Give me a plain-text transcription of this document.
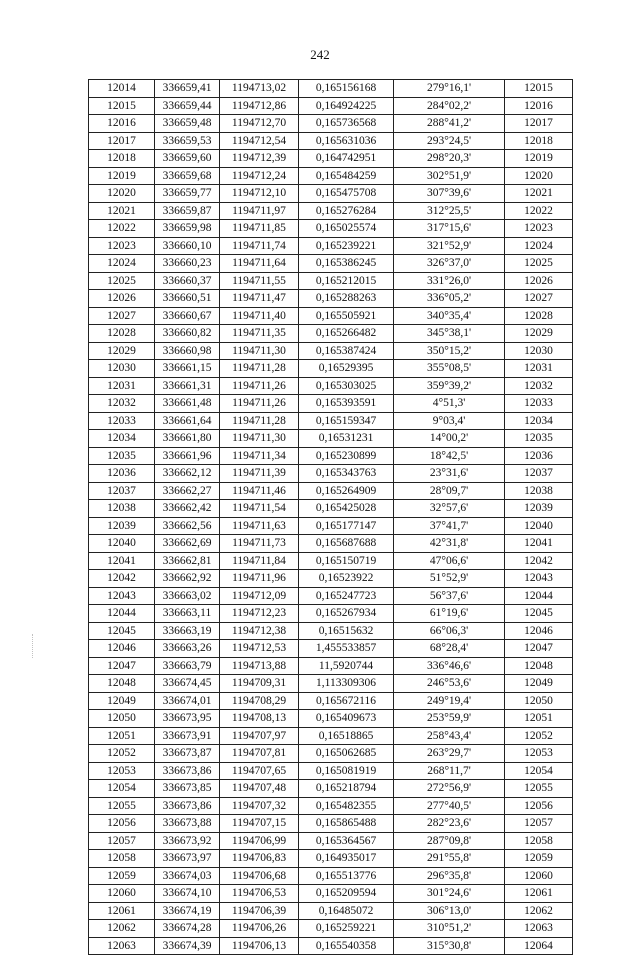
242
12014	336659,41	1194713,02	0,165156168	279°16,1'	12015
12015	336659,44	1194712,86	0,164924225	284°02,2'	12016
12016	336659,48	1194712,70	0,165736568	288°41,2'	12017
12017	336659,53	1194712,54	0,165631036	293°24,5'	12018
12018	336659,60	1194712,39	0,164742951	298°20,3'	12019
12019	336659,68	1194712,24	0,165484259	302°51,9'	12020
12020	336659,77	1194712,10	0,165475708	307°39,6'	12021
12021	336659,87	1194711,97	0,165276284	312°25,5'	12022
12022	336659,98	1194711,85	0,165025574	317°15,6'	12023
12023	336660,10	1194711,74	0,165239221	321°52,9'	12024
12024	336660,23	1194711,64	0,165386245	326°37,0'	12025
12025	336660,37	1194711,55	0,165212015	331°26,0'	12026
12026	336660,51	1194711,47	0,165288263	336°05,2'	12027
12027	336660,67	1194711,40	0,165505921	340°35,4'	12028
12028	336660,82	1194711,35	0,165266482	345°38,1'	12029
12029	336660,98	1194711,30	0,165387424	350°15,2'	12030
12030	336661,15	1194711,28	0,16529395	355°08,5'	12031
12031	336661,31	1194711,26	0,165303025	359°39,2'	12032
12032	336661,48	1194711,26	0,165393591	4°51,3'	12033
12033	336661,64	1194711,28	0,165159347	9°03,4'	12034
12034	336661,80	1194711,30	0,16531231	14°00,2'	12035
12035	336661,96	1194711,34	0,165230899	18°42,5'	12036
12036	336662,12	1194711,39	0,165343763	23°31,6'	12037
12037	336662,27	1194711,46	0,165264909	28°09,7'	12038
12038	336662,42	1194711,54	0,165425028	32°57,6'	12039
12039	336662,56	1194711,63	0,165177147	37°41,7'	12040
12040	336662,69	1194711,73	0,165687688	42°31,8'	12041
12041	336662,81	1194711,84	0,165150719	47°06,6'	12042
12042	336662,92	1194711,96	0,16523922	51°52,9'	12043
12043	336663,02	1194712,09	0,165247723	56°37,6'	12044
12044	336663,11	1194712,23	0,165267934	61°19,6'	12045
12045	336663,19	1194712,38	0,16515632	66°06,3'	12046
12046	336663,26	1194712,53	1,455533857	68°28,4'	12047
12047	336663,79	1194713,88	11,5920744	336°46,6'	12048
12048	336674,45	1194709,31	1,113309306	246°53,6'	12049
12049	336674,01	1194708,29	0,165672116	249°19,4'	12050
12050	336673,95	1194708,13	0,165409673	253°59,9'	12051
12051	336673,91	1194707,97	0,16518865	258°43,4'	12052
12052	336673,87	1194707,81	0,165062685	263°29,7'	12053
12053	336673,86	1194707,65	0,165081919	268°11,7'	12054
12054	336673,85	1194707,48	0,165218794	272°56,9'	12055
12055	336673,86	1194707,32	0,165482355	277°40,5'	12056
12056	336673,88	1194707,15	0,165865488	282°23,6'	12057
12057	336673,92	1194706,99	0,165364567	287°09,8'	12058
12058	336673,97	1194706,83	0,164935017	291°55,8'	12059
12059	336674,03	1194706,68	0,165513776	296°35,8'	12060
12060	336674,10	1194706,53	0,165209594	301°24,6'	12061
12061	336674,19	1194706,39	0,16485072	306°13,0'	12062
12062	336674,28	1194706,26	0,165259221	310°51,2'	12063
12063	336674,39	1194706,13	0,165540358	315°30,8'	12064
